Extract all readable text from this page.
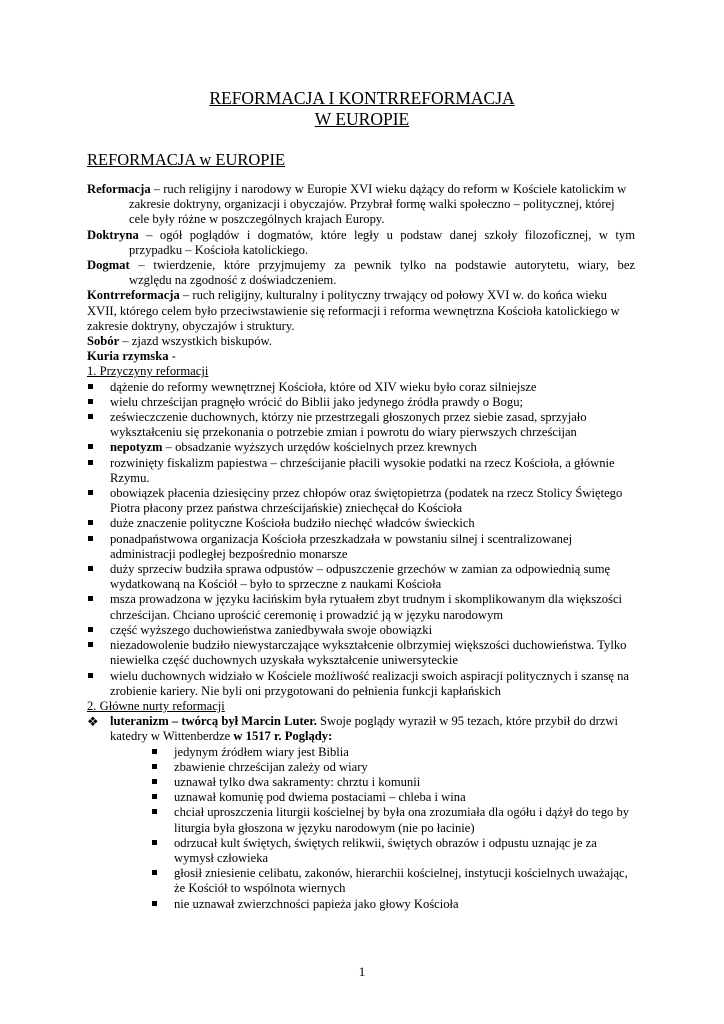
REFORMACJA I KONTRREFORMACJA
W EUROPIE
REFORMACJA w EUROPIE

Reformacja – ruch religijny i narodowy w Europie XVI wieku dążący do reform w Kościele katolickim w zakresie doktryny, organizacji i obyczajów. Przybrał formę walki społeczno – politycznej, której cele były różne w poszczególnych krajach Europy.

Doktryna – ogół poglądów i dogmatów, które legły u podstaw danej szkoły filozoficznej, w tym

przypadku – Kościoła katolickiego.

Dogmat – twierdzenie, które przyjmujemy za pewnik tylko na podstawie autorytetu, wiary, bez

względu na zgodność z doświadczeniem.

Kontrreformacja – ruch religijny, kulturalny i polityczny trwający od połowy XVI w. do końca wieku XVII, którego celem było przeciwstawienie się reformacji i reforma wewnętrzna Kościoła katolickiego w zakresie doktryny, obyczajów i struktury.

Sobór – zjazd wszystkich biskupów.

Kuria rzymska -

1. Przyczyny reformacji

dążenie do reformy wewnętrznej Kościoła, które od XIV wieku było coraz silniejsze
wielu chrześcijan pragnęło wrócić do Biblii jako jedynego źródła prawdy o Bogu;
ześwieczczenie duchownych, którzy nie przestrzegali głoszonych przez siebie zasad, sprzyjało wykształceniu się przekonania o potrzebie zmian i powrotu do wiary pierwszych chrześcijan
nepotyzm – obsadzanie wyższych urzędów kościelnych przez krewnych
rozwinięty fiskalizm papiestwa – chrześcijanie płacili wysokie podatki na rzecz Kościoła, a głównie Rzymu.
obowiązek płacenia dziesięciny przez chłopów oraz świętopietrza (podatek na rzecz Stolicy Świętego Piotra płacony przez państwa chrześcijańskie) zniechęcał do Kościoła
duże znaczenie polityczne Kościoła budziło niechęć władców świeckich
ponadpaństwowa organizacja Kościoła przeszkadzała w powstaniu silnej i scentralizowanej administracji podległej bezpośrednio monarsze
duży sprzeciw budziła sprawa odpustów – odpuszczenie grzechów w zamian za odpowiednią sumę wydatkowaną na Kościół – było to sprzeczne z naukami Kościoła
msza prowadzona w języku łacińskim była rytuałem zbyt trudnym i skomplikowanym dla większości chrześcijan. Chciano uprościć ceremonię i prowadzić ją w języku narodowym
część wyższego duchowieństwa zaniedbywała swoje obowiązki
niezadowolenie budziło niewystarczające wykształcenie olbrzymiej większości duchowieństwa. Tylko niewielka część duchownych uzyskała wykształcenie uniwersyteckie
wielu duchownych widziało w Kościele możliwość realizacji swoich aspiracji politycznych i szansę na zrobienie kariery. Nie byli oni przygotowani do pełnienia funkcji kapłańskich

2. Główne nurty reformacji

❖ luteranizm – twórcą był Marcin Luter. Swoje poglądy wyraził w 95 tezach, które przybił do drzwi katedry w Wittenberdze w 1517 r. Poglądy:

jedynym źródłem wiary jest Biblia
zbawienie chrześcijan zależy od wiary
uznawał tylko dwa sakramenty: chrztu i komunii
uznawał komunię pod dwiema postaciami – chleba i wina
chciał uproszczenia liturgii kościelnej by była ona zrozumiała dla ogółu i dążył do tego by liturgia była głoszona w języku narodowym (nie po łacinie)
odrzucał kult świętych, świętych relikwii, świętych obrazów i odpustu uznając je za wymysł człowieka
głosił zniesienie celibatu, zakonów, hierarchii kościelnej, instytucji kościelnych uważając, że Kościół to wspólnota wiernych
nie uznawał zwierzchności papieża jako głowy Kościoła
1
